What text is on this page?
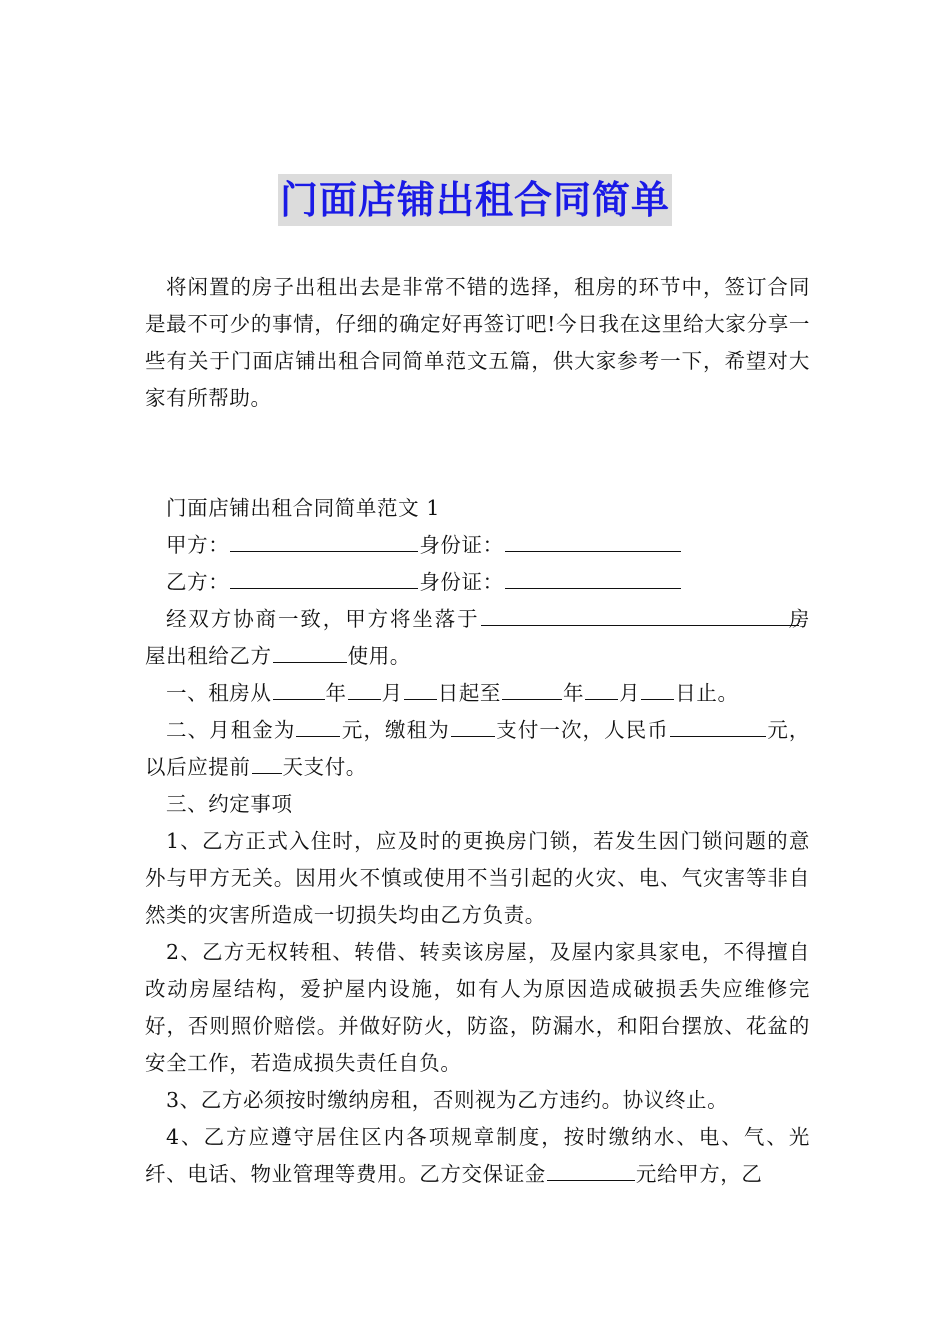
门面店铺出租合同简单

将闲置的房子出租出去是非常不错的选择，租房的环节中，签订合同是最不可少的事情，仔细的确定好再签订吧!今日我在这里给大家分享一些有关于门面店铺出租合同简单范文五篇，供大家参考一下，希望对大家有所帮助。

门面店铺出租合同简单范文 1

甲方：	身份证：

乙方：	身份证：

经双方协商一致，甲方将坐落于	房屋出租给乙方	使用。

一、租房从	年 月 日起至	年 月 日止。

二、月租金为 元，缴租为 支付一次，人民币	元，以后应提前 天支付。

三、约定事项

1、乙方正式入住时，应及时的更换房门锁，若发生因门锁问题的意外与甲方无关。因用火不慎或使用不当引起的火灾、电、气灾害等非自然类的灾害所造成一切损失均由乙方负责。

2、乙方无权转租、转借、转卖该房屋，及屋内家具家电，不得擅自改动房屋结构，爱护屋内设施，如有人为原因造成破损丢失应维修完好，否则照价赔偿。并做好防火，防盗，防漏水，和阳台摆放、花盆的安全工作，若造成损失责任自负。

3、乙方必须按时缴纳房租，否则视为乙方违约。协议终止。

4、乙方应遵守居住区内各项规章制度，按时缴纳水、电、气、光纤、电话、物业管理等费用。乙方交保证金	元给甲方，乙
